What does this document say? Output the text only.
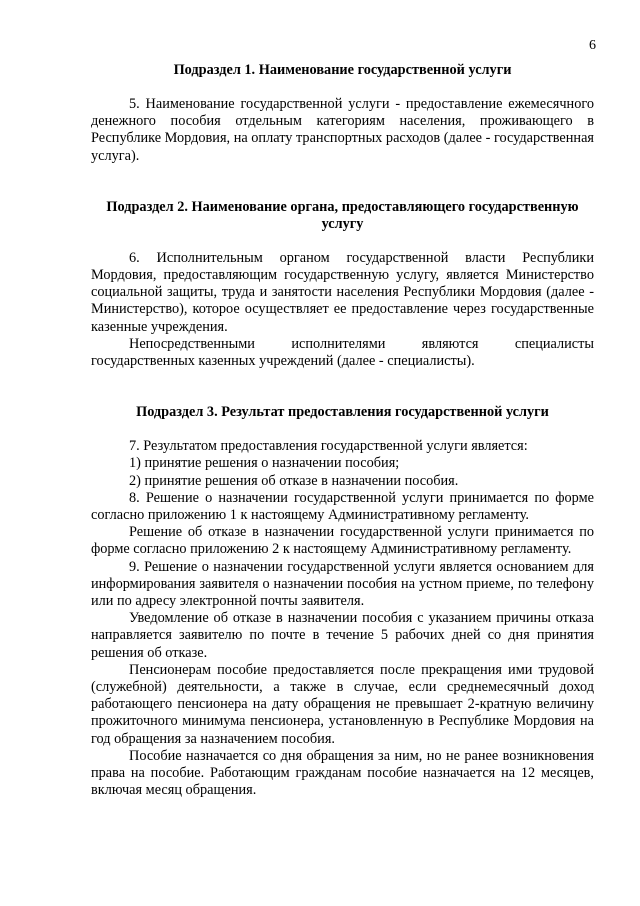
6

Подраздел 1. Наименование государственной услуги

5. Наименование государственной услуги - предоставление ежемесячного денежного пособия отдельным категориям населения, проживающего в Республике Мордовия, на оплату транспортных расходов (далее - государственная услуга).

Подраздел 2. Наименование органа, предоставляющего государственную услугу

6. Исполнительным органом государственной власти Республики Мордовия, предоставляющим государственную услугу, является Министерство социальной защиты, труда и занятости населения Республики Мордовия (далее - Министерство), которое осуществляет ее предоставление через государственные казенные учреждения.

Непосредственными исполнителями являются специалисты государственных казенных учреждений (далее - специалисты).

Подраздел 3. Результат предоставления государственной услуги

7. Результатом предоставления государственной услуги является:

1) принятие решения о назначении пособия;

2) принятие решения об отказе в назначении пособия.

8. Решение о назначении государственной услуги принимается по форме согласно приложению 1 к настоящему Административному регламенту.

Решение об отказе в назначении государственной услуги принимается по форме согласно приложению 2 к настоящему Административному регламенту.

9. Решение о назначении государственной услуги является основанием для информирования заявителя о назначении пособия на устном приеме, по телефону или по адресу электронной почты заявителя.

Уведомление об отказе в назначении пособия с указанием причины отказа направляется заявителю по почте в течение 5 рабочих дней со дня принятия решения об отказе.

Пенсионерам пособие предоставляется после прекращения ими трудовой (служебной) деятельности, а также в случае, если среднемесячный доход работающего пенсионера на дату обращения не превышает 2-кратную величину прожиточного минимума пенсионера, установленную в Республике Мордовия на год обращения за назначением пособия.

Пособие назначается со дня обращения за ним, но не ранее возникновения права на пособие. Работающим гражданам пособие назначается на 12 месяцев, включая месяц обращения.
